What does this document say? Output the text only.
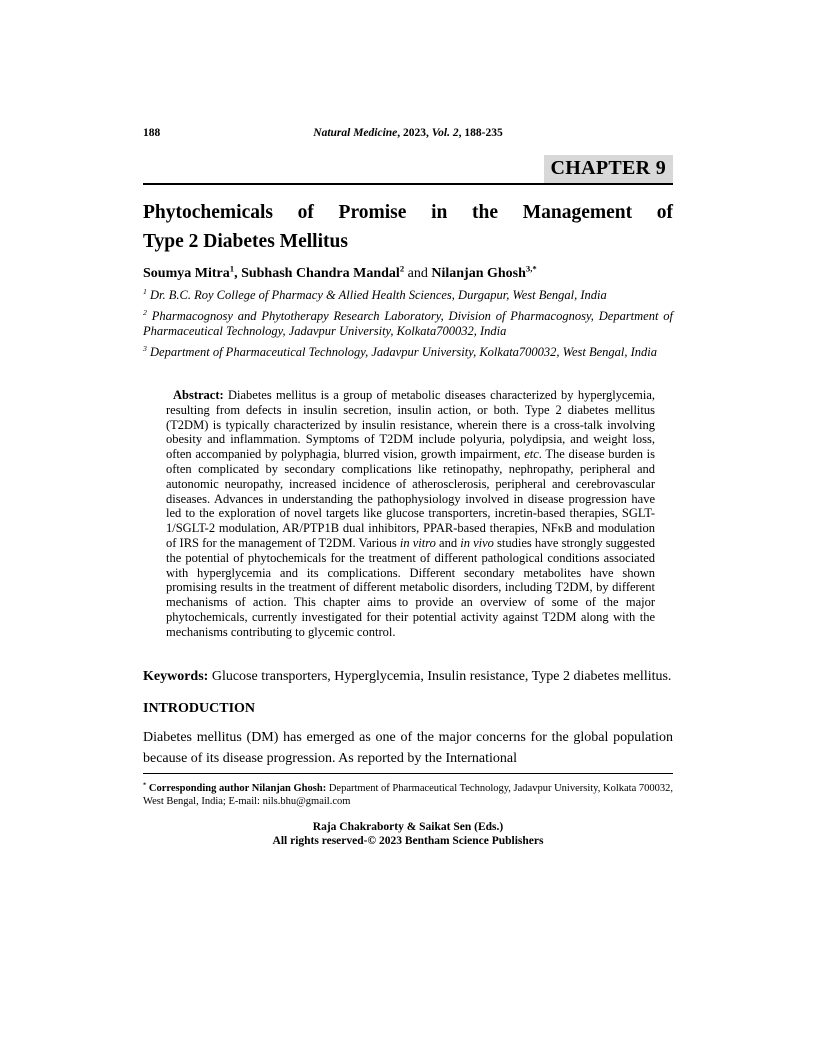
188	Natural Medicine, 2023, Vol. 2, 188-235
CHAPTER 9
Phytochemicals of Promise in the Management of
Type 2 Diabetes Mellitus
Soumya Mitra$^1$, Subhash Chandra Mandal$^2$ and Nilanjan Ghosh$^{3,*}$
$^1$ Dr. B.C. Roy College of Pharmacy & Allied Health Sciences, Durgapur, West Bengal, India
$^2$ Pharmacognosy and Phytotherapy Research Laboratory, Division of Pharmacognosy, Department of Pharmaceutical Technology, Jadavpur University, Kolkata700032, India
$^3$ Department of Pharmaceutical Technology, Jadavpur University, Kolkata700032, West Bengal, India
Abstract: Diabetes mellitus is a group of metabolic diseases characterized by hyperglycemia, resulting from defects in insulin secretion, insulin action, or both. Type 2 diabetes mellitus (T2DM) is typically characterized by insulin resistance, wherein there is a cross-talk involving obesity and inflammation. Symptoms of T2DM include polyuria, polydipsia, and weight loss, often accompanied by polyphagia, blurred vision, growth impairment, etc. The disease burden is often complicated by secondary complications like retinopathy, nephropathy, peripheral and autonomic neuropathy, increased incidence of atherosclerosis, peripheral and cerebrovascular diseases. Advances in understanding the pathophysiology involved in disease progression have led to the exploration of novel targets like glucose transporters, incretin-based therapies, SGLT-1/SGLT-2 modulation, AR/PTP1B dual inhibitors, PPAR-based therapies, NFκB and modulation of IRS for the management of T2DM. Various in vitro and in vivo studies have strongly suggested the potential of phytochemicals for the treatment of different pathological conditions associated with hyperglycemia and its complications. Different secondary metabolites have shown promising results in the treatment of different metabolic disorders, including T2DM, by different mechanisms of action. This chapter aims to provide an overview of some of the major phytochemicals, currently investigated for their potential activity against T2DM along with the mechanisms contributing to glycemic control.
Keywords: Glucose transporters, Hyperglycemia, Insulin resistance, Type 2 diabetes mellitus.
INTRODUCTION
Diabetes mellitus (DM) has emerged as one of the major concerns for the global population because of its disease progression. As reported by the International
* Corresponding author Nilanjan Ghosh: Department of Pharmaceutical Technology, Jadavpur University, Kolkata 700032, West Bengal, India; E-mail: nils.bhu@gmail.com
Raja Chakraborty & Saikat Sen (Eds.)
All rights reserved-© 2023 Bentham Science Publishers
